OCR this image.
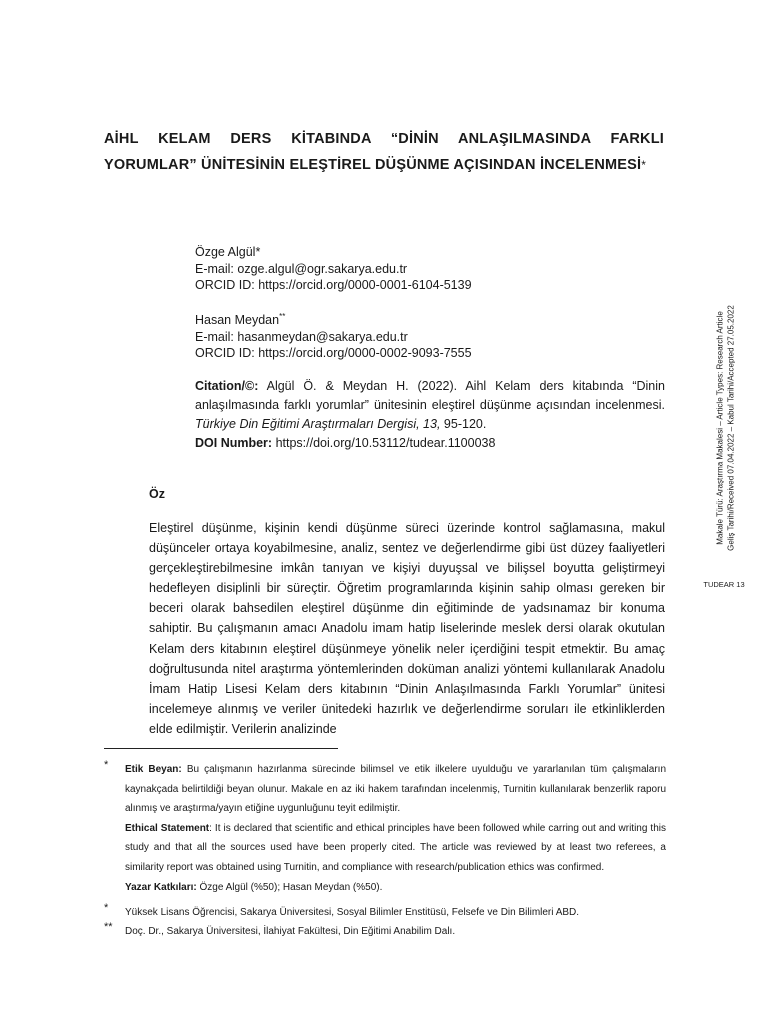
AİHL KELAM DERS KİTABINDA “DİNİN ANLAŞILMASINDA FARKLI YORUMLAR” ÜNİTESİNİN ELEŞTİREL DÜŞÜNME AÇISINDAN İNCELENMESİ*
Özge Algül*
E-mail: ozge.algul@ogr.sakarya.edu.tr
ORCID ID: https://orcid.org/0000-0001-6104-5139
Hasan Meydan**
E-mail: hasanmeydan@sakarya.edu.tr
ORCID ID: https://orcid.org/0000-0002-9093-7555
Citation/©: Algül Ö. & Meydan H. (2022). Aihl Kelam ders kitabında “Dinin anlaşılmasında farklı yorumlar” ünitesinin eleştirel düşünme açısından incelenmesi. Türkiye Din Eğitimi Araştırmaları Dergisi, 13, 95-120.
DOI Number: https://doi.org/10.53112/tudear.1100038
Öz
Eleştirel düşünme, kişinin kendi düşünme süreci üzerinde kontrol sağlamasına, makul düşünceler ortaya koyabilmesine, analiz, sentez ve değerlendirme gibi üst düzey faaliyetleri gerçekleştirebilmesine imkân tanıyan ve kişiyi duyuşsal ve bilişsel boyutta geliştirmeyi hedefleyen disiplinli bir süreçtir. Öğretim programlarında kişinin sahip olması gereken bir beceri olarak bahsedilen eleştirel düşünme din eğitiminde de yadsınamaz bir konuma sahiptir. Bu çalışmanın amacı Anadolu imam hatip liselerinde meslek dersi olarak okutulan Kelam ders kitabının eleştirel düşünmeye yönelik neler içerdiğini tespit etmektir. Bu amaç doğrultusunda nitel araştırma yöntemlerinden doküman analizi yöntemi kullanılarak Anadolu İmam Hatip Lisesi Kelam ders kitabının “Dinin Anlaşılmasında Farklı Yorumlar” ünitesi incelemeye alınmış ve veriler ünitedeki hazırlık ve değerlendirme soruları ile etkinliklerden elde edilmiştir. Verilerin analizinde
* Etik Beyan: Bu çalışmanın hazırlanma sürecinde bilimsel ve etik ilkelere uyulduğu ve yararlanılan tüm çalışmaların kaynakçada belirtildiği beyan olunur. Makale en az iki hakem tarafından incelenmiş, Turnitin kullanılarak benzerlik raporu alınmış ve araştırma/yayın etiğine uygunluğunu teyit edilmiştir.
Ethical Statement: It is declared that scientific and ethical principles have been followed while carring out and writing this study and that all the sources used have been properly cited. The article was reviewed by at least two referees, a similarity report was obtained using Turnitin, and compliance with research/publication ethics was confirmed.
Yazar Katkıları: Özge Algül (%50); Hasan Meydan (%50).
* Yüksek Lisans Öğrencisi, Sakarya Üniversitesi, Sosyal Bilimler Enstitüsü, Felsefe ve Din Bilimleri ABD.
** Doç. Dr., Sakarya Üniversitesi, İlahiyat Fakültesi, Din Eğitimi Anabilim Dalı.
Makale Türü: Araştırma Makalesi – Article Types: Research Article Geliş Tarihi/Received 07.04.2022 – Kabul Tarihi/Accepted 27.05.2022
TUDEAR 13
